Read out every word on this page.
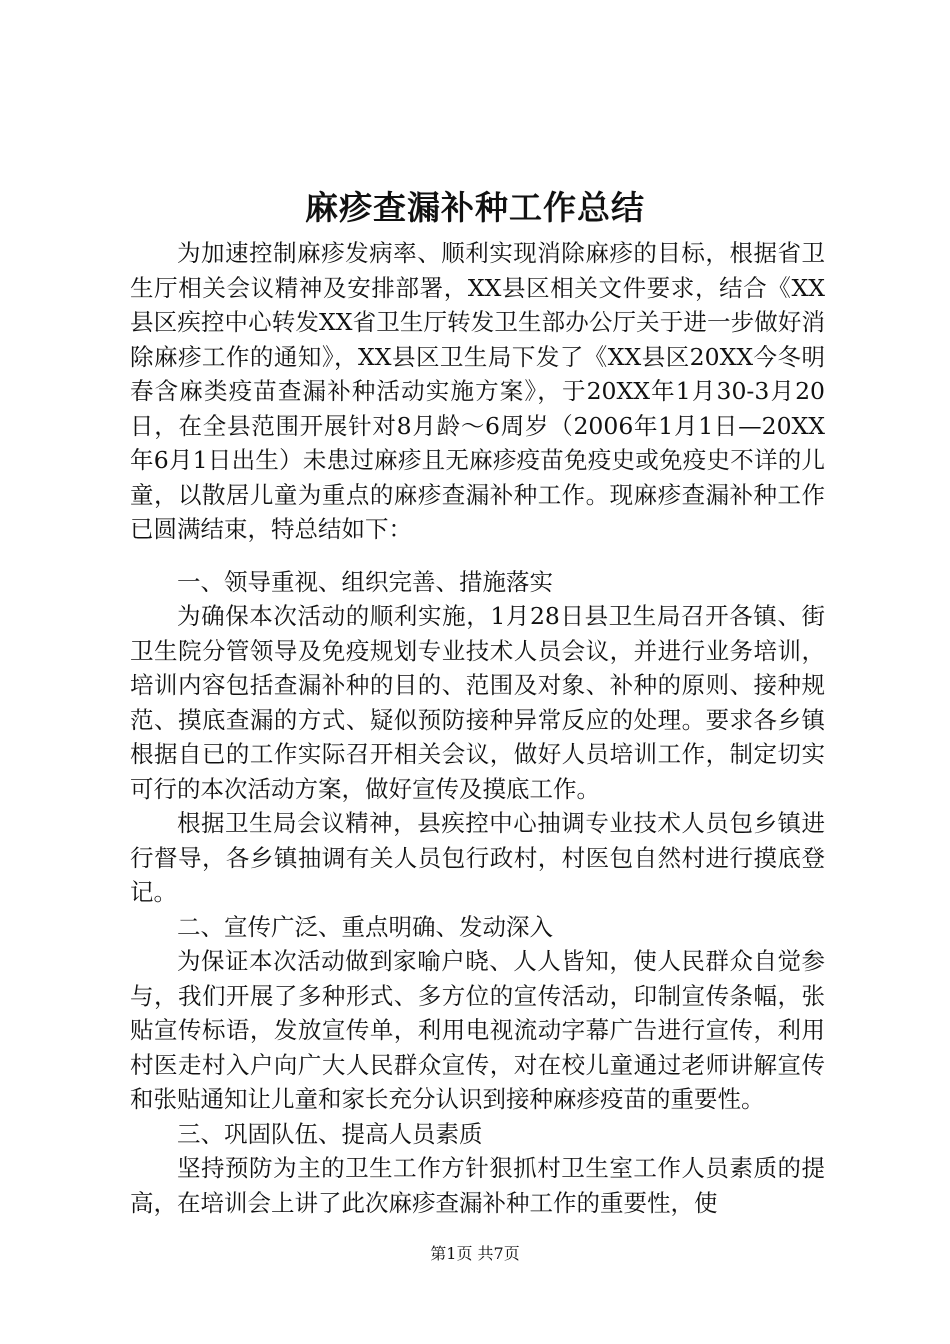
麻疹查漏补种工作总结

为加速控制麻疹发病率、顺利实现消除麻疹的目标，根据省卫生厅相关会议精神及安排部署，XX县区相关文件要求，结合《XX县区疾控中心转发XX省卫生厅转发卫生部办公厅关于进一步做好消除麻疹工作的通知》，XX县区卫生局下发了《XX县区20XX今冬明春含麻类疫苗查漏补种活动实施方案》，于20XX年1月30-3月20日，在全县范围开展针对8月龄～6周岁（2006年1月1日—20XX年6月1日出生）未患过麻疹且无麻疹疫苗免疫史或免疫史不详的儿童，以散居儿童为重点的麻疹查漏补种工作。现麻疹查漏补种工作已圆满结束，特总结如下：

一、领导重视、组织完善、措施落实

为确保本次活动的顺利实施，1月28日县卫生局召开各镇、街卫生院分管领导及免疫规划专业技术人员会议，并进行业务培训，培训内容包括查漏补种的目的、范围及对象、补种的原则、接种规范、摸底查漏的方式、疑似预防接种异常反应的处理。要求各乡镇根据自已的工作实际召开相关会议，做好人员培训工作，制定切实可行的本次活动方案，做好宣传及摸底工作。

根据卫生局会议精神，县疾控中心抽调专业技术人员包乡镇进行督导，各乡镇抽调有关人员包行政村，村医包自然村进行摸底登记。

二、宣传广泛、重点明确、发动深入

为保证本次活动做到家喻户晓、人人皆知，使人民群众自觉参与，我们开展了多种形式、多方位的宣传活动，印制宣传条幅，张贴宣传标语，发放宣传单，利用电视流动字幕广告进行宣传，利用村医走村入户向广大人民群众宣传，对在校儿童通过老师讲解宣传和张贴通知让儿童和家长充分认识到接种麻疹疫苗的重要性。

三、巩固队伍、提高人员素质

坚持预防为主的卫生工作方针狠抓村卫生室工作人员素质的提高，在培训会上讲了此次麻疹查漏补种工作的重要性，使

第1页 共7页
